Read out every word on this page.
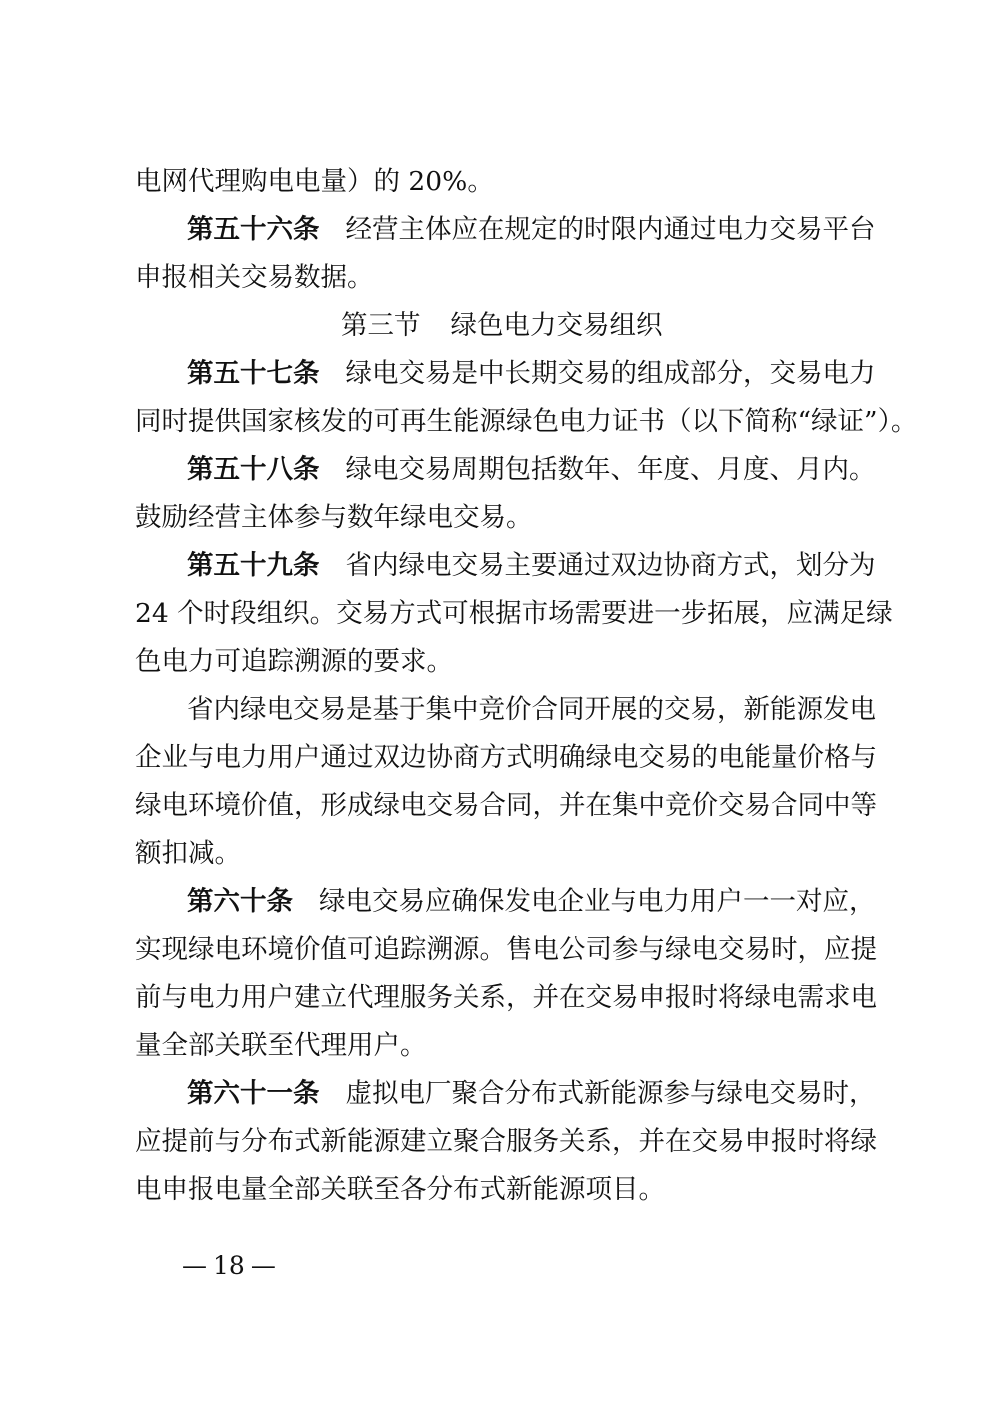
电网代理购电电量）的 20%。
第五十六条 经营主体应在规定的时限内通过电力交易平台
申报相关交易数据。
第三节 绿色电力交易组织
第五十七条 绿电交易是中长期交易的组成部分，交易电力
同时提供国家核发的可再生能源绿色电力证书（以下简称“绿证”）。
第五十八条 绿电交易周期包括数年、年度、月度、月内。
鼓励经营主体参与数年绿电交易。
第五十九条 省内绿电交易主要通过双边协商方式，划分为
24 个时段组织。交易方式可根据市场需要进一步拓展，应满足绿
色电力可追踪溯源的要求。
省内绿电交易是基于集中竞价合同开展的交易，新能源发电
企业与电力用户通过双边协商方式明确绿电交易的电能量价格与
绿电环境价值，形成绿电交易合同，并在集中竞价交易合同中等
额扣减。
第六十条 绿电交易应确保发电企业与电力用户一一对应，
实现绿电环境价值可追踪溯源。售电公司参与绿电交易时，应提
前与电力用户建立代理服务关系，并在交易申报时将绿电需求电
量全部关联至代理用户。
第六十一条 虚拟电厂聚合分布式新能源参与绿电交易时，
应提前与分布式新能源建立聚合服务关系，并在交易申报时将绿
电申报电量全部关联至各分布式新能源项目。
— 18 —
